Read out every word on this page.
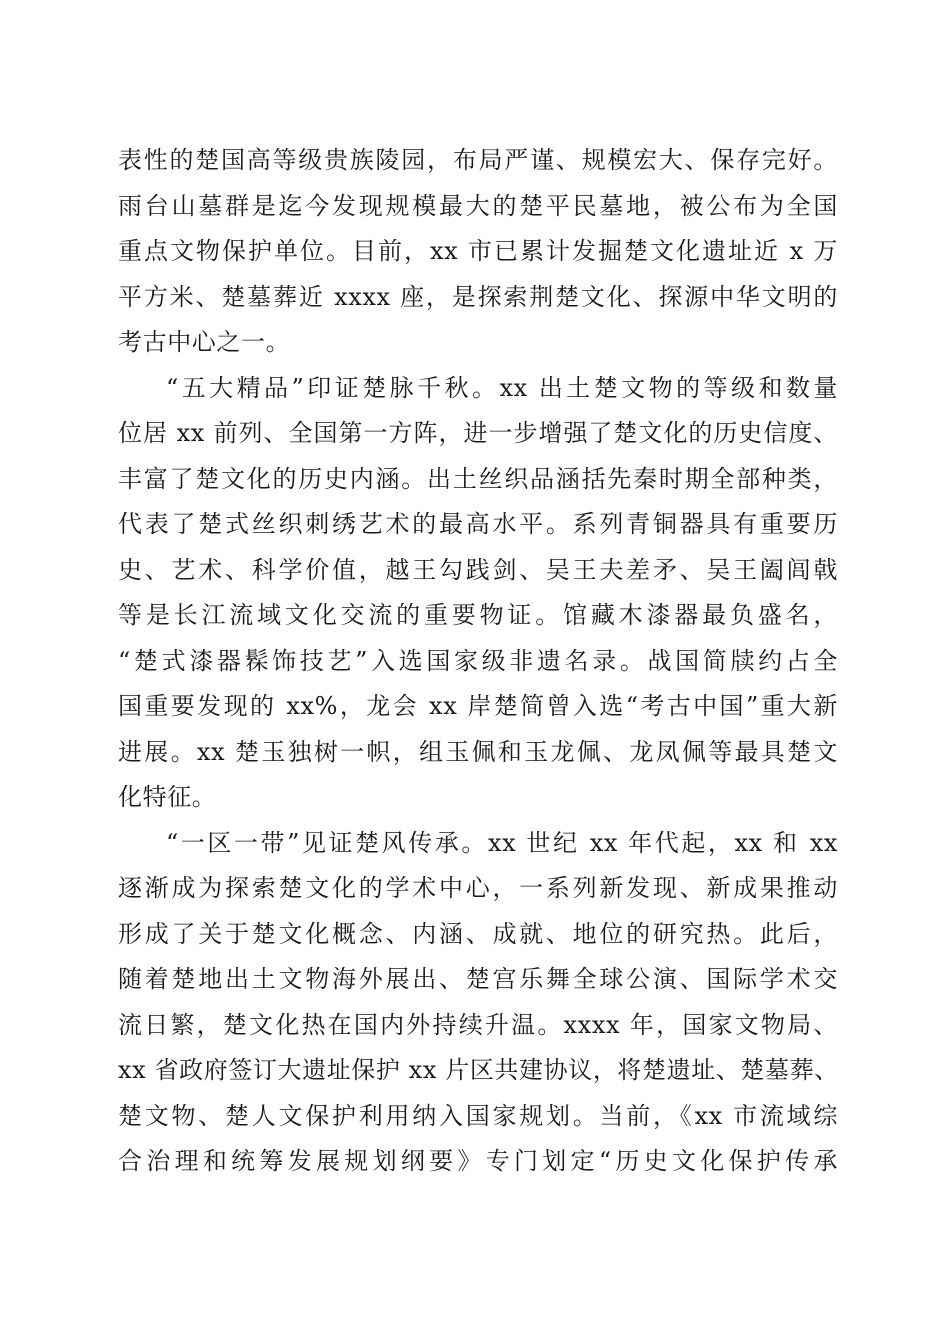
表性的楚国高等级贵族陵园，布局严谨、规模宏大、保存完好。
雨台山墓群是迄今发现规模最大的楚平民墓地，被公布为全国
重点文物保护单位。目前，xx 市已累计发掘楚文化遗址近 x 万
平方米、楚墓葬近 xxxx 座，是探索荆楚文化、探源中华文明的
考古中心之一。
“五大精品”印证楚脉千秋。xx 出土楚文物的等级和数量
位居 xx 前列、全国第一方阵，进一步增强了楚文化的历史信度、
丰富了楚文化的历史内涵。出土丝织品涵括先秦时期全部种类，
代表了楚式丝织刺绣艺术的最高水平。系列青铜器具有重要历
史、艺术、科学价值，越王勾践剑、吴王夫差矛、吴王阖闾戟
等是长江流域文化交流的重要物证。馆藏木漆器最负盛名，
“楚式漆器髹饰技艺”入选国家级非遗名录。战国简牍约占全
国重要发现的 xx%，龙会 xx 岸楚简曾入选“考古中国”重大新
进展。xx 楚玉独树一帜，组玉佩和玉龙佩、龙凤佩等最具楚文
化特征。
“一区一带”见证楚风传承。xx 世纪 xx 年代起，xx 和 xx
逐渐成为探索楚文化的学术中心，一系列新发现、新成果推动
形成了关于楚文化概念、内涵、成就、地位的研究热。此后，
随着楚地出土文物海外展出、楚宫乐舞全球公演、国际学术交
流日繁，楚文化热在国内外持续升温。xxxx 年，国家文物局、
xx 省政府签订大遗址保护 xx 片区共建协议，将楚遗址、楚墓葬、
楚文物、楚人文保护利用纳入国家规划。当前，《xx 市流域综
合治理和统筹发展规划纲要》专门划定“历史文化保护传承
